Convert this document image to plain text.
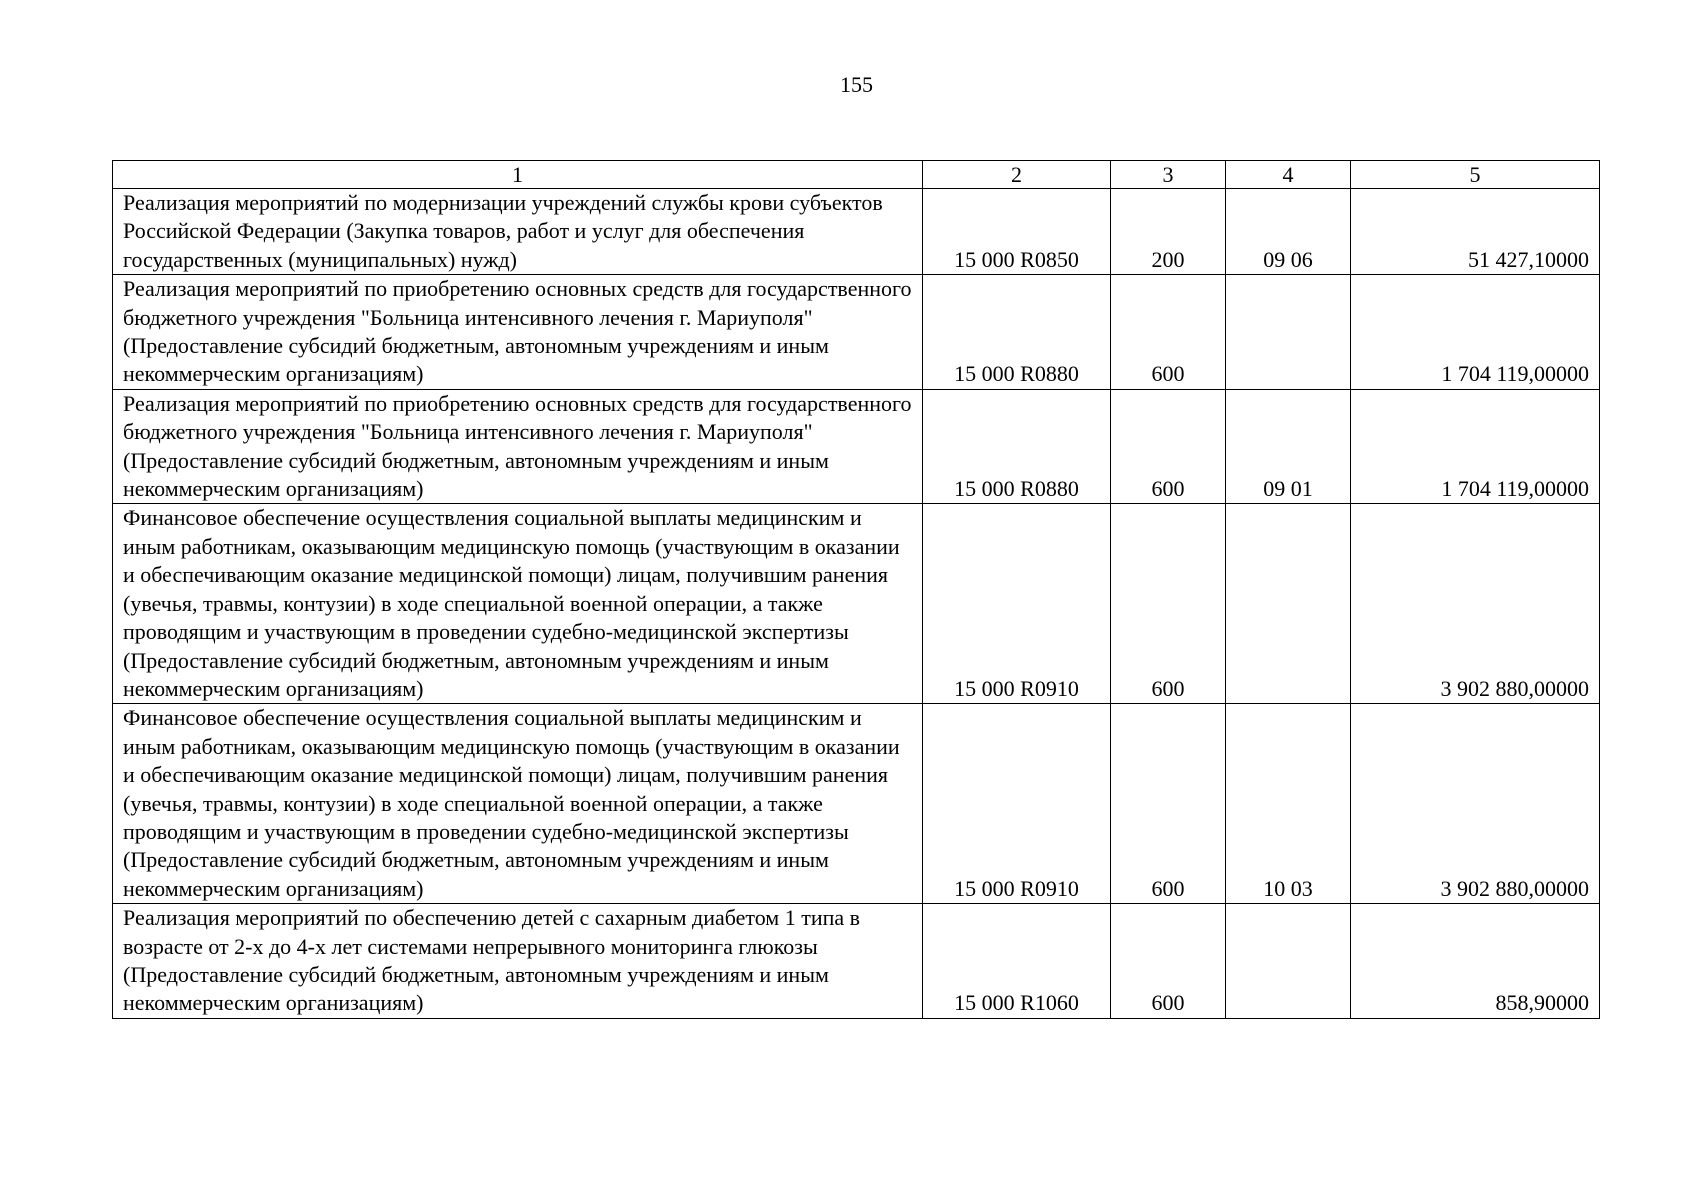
155
1	2	3	4	5
Реализация мероприятий по модернизации учреждений службы крови субъектов Российской Федерации (Закупка товаров, работ и услуг для обеспечения государственных (муниципальных) нужд)	15 000 R0850	200	09 06	51 427,10000
Реализация мероприятий по приобретению основных средств для государственного бюджетного учреждения "Больница интенсивного лечения г. Мариуполя" (Предоставление субсидий бюджетным, автономным учреждениям и иным некоммерческим организациям)	15 000 R0880	600		1 704 119,00000
Реализация мероприятий по приобретению основных средств для государственного бюджетного учреждения "Больница интенсивного лечения г. Мариуполя" (Предоставление субсидий бюджетным, автономным учреждениям и иным некоммерческим организациям)	15 000 R0880	600	09 01	1 704 119,00000
Финансовое обеспечение осуществления социальной выплаты медицинским и иным работникам, оказывающим медицинскую помощь (участвующим в оказании и обеспечивающим оказание медицинской помощи) лицам, получившим ранения (увечья, травмы, контузии) в ходе специальной военной операции, а также проводящим и участвующим в проведении судебно-медицинской экспертизы (Предоставление субсидий бюджетным, автономным учреждениям и иным некоммерческим организациям)	15 000 R0910	600		3 902 880,00000
Финансовое обеспечение осуществления социальной выплаты медицинским и иным работникам, оказывающим медицинскую помощь (участвующим в оказании и обеспечивающим оказание медицинской помощи) лицам, получившим ранения (увечья, травмы, контузии) в ходе специальной военной операции, а также проводящим и участвующим в проведении судебно-медицинской экспертизы (Предоставление субсидий бюджетным, автономным учреждениям и иным некоммерческим организациям)	15 000 R0910	600	10 03	3 902 880,00000
Реализация мероприятий по обеспечению детей с сахарным диабетом 1 типа в возрасте от 2-х до 4-х лет системами непрерывного мониторинга глюкозы (Предоставление субсидий бюджетным, автономным учреждениям и иным некоммерческим организациям)	15 000 R1060	600		858,90000
